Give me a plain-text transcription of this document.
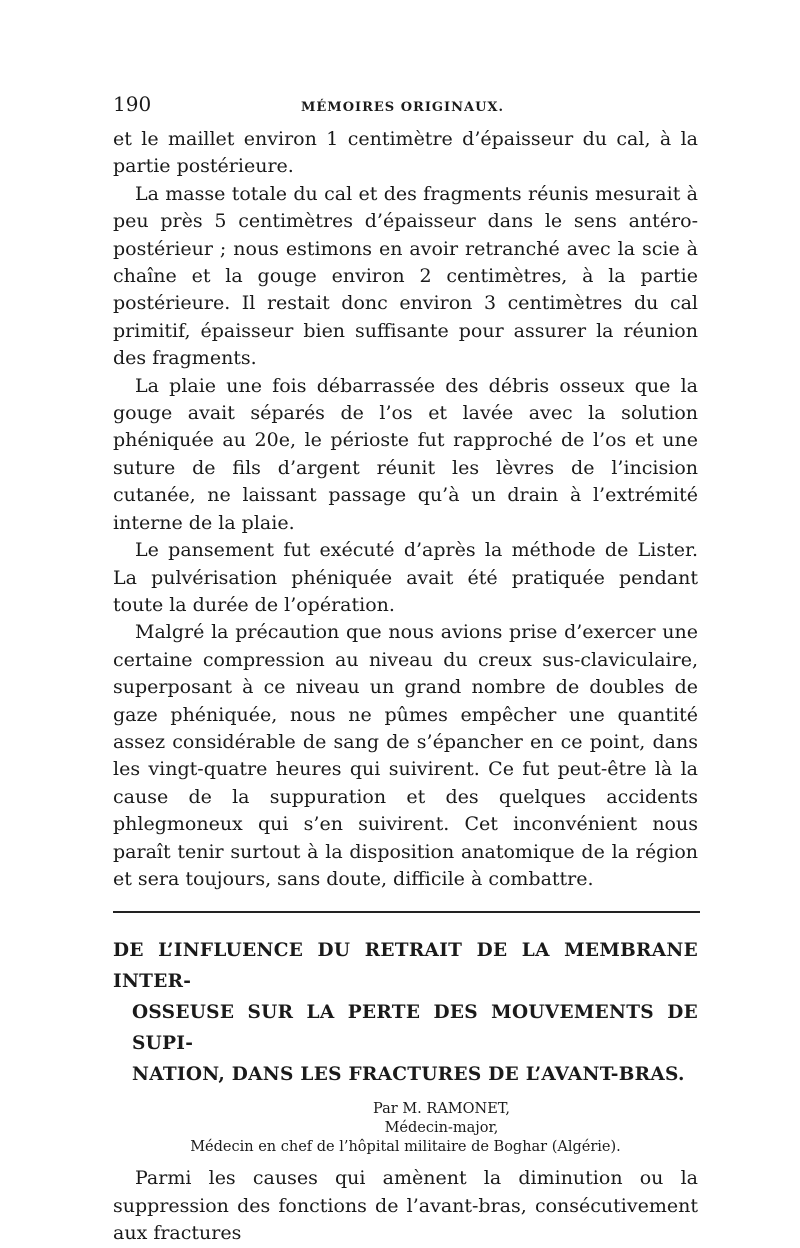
190	MÉMOIRES ORIGINAUX.

et le maillet environ 1 centimètre d’épaisseur du cal, à la partie postérieure.

La masse totale du cal et des fragments réunis mesurait à peu près 5 centimètres d’épaisseur dans le sens antéro-postérieur ; nous estimons en avoir retranché avec la scie à chaîne et la gouge environ 2 centimètres, à la partie postérieure. Il restait donc environ 3 centimètres du cal primitif, épaisseur bien suffisante pour assurer la réunion des fragments.

La plaie une fois débarrassée des débris osseux que la gouge avait séparés de l’os et lavée avec la solution phéniquée au 20e, le périoste fut rapproché de l’os et une suture de fils d’argent réunit les lèvres de l’incision cutanée, ne laissant passage qu’à un drain à l’extrémité interne de la plaie.

Le pansement fut exécuté d’après la méthode de Lister. La pulvérisation phéniquée avait été pratiquée pendant toute la durée de l’opération.

Malgré la précaution que nous avions prise d’exercer une certaine compression au niveau du creux sus-claviculaire, superposant à ce niveau un grand nombre de doubles de gaze phéniquée, nous ne pûmes empêcher une quantité assez considérable de sang de s’épancher en ce point, dans les vingt-quatre heures qui suivirent. Ce fut peut-être là la cause de la suppuration et des quelques accidents phlegmoneux qui s’en suivirent. Cet inconvénient nous paraît tenir surtout à la disposition anatomique de la région et sera toujours, sans doute, difficile à combattre.

DE L’INFLUENCE DU RETRAIT DE LA MEMBRANE INTER-
OSSEUSE SUR LA PERTE DES MOUVEMENTS DE SUPI-
NATION, DANS LES FRACTURES DE L’AVANT-BRAS.
Par M. RAMONET,
Médecin-major,
Médecin en chef de l’hôpital militaire de Boghar (Algérie).

Parmi les causes qui amènent la diminution ou la suppression des fonctions de l’avant-bras, consécutivement aux fractures
